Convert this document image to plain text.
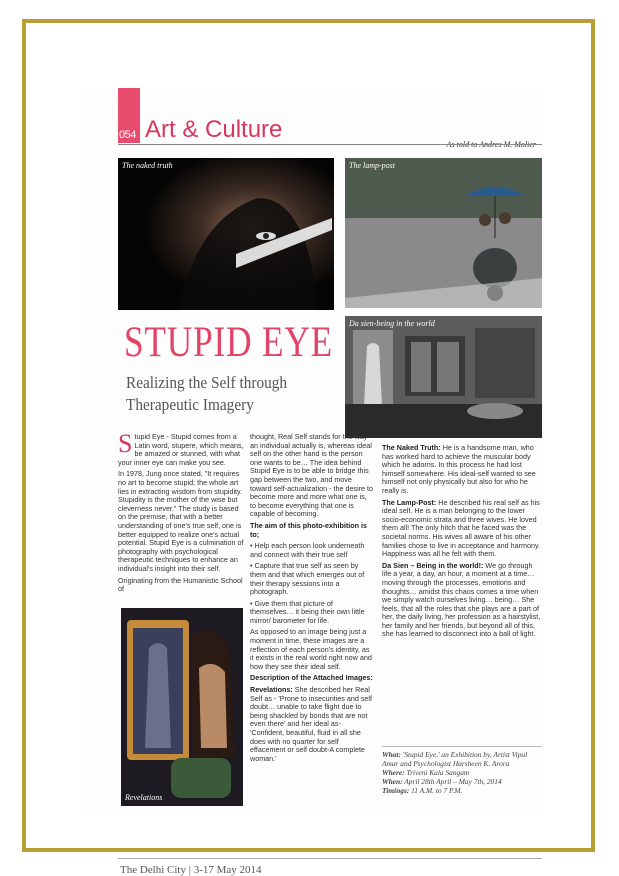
054 Art & Culture
As told to Andres M. Molier
The naked truth	The lamp-post
Da sien-being in the world
STUPID EYE
Realizing the Self through
Therapeutic Imagery

Stupid Eye - Stupid comes from a Latin word, stupere, which means, be amazed or stunned, with what your inner eye can make you see.

In 1978, Jung once stated, "It requires no art to become stupid; the whole art lies in extracting wisdom from stupidity. Stupidity is the mother of the wise but cleverness never." The study is based on the premise, that with a better understanding of one's true self, one is better equipped to realize one's actual potential. Stupid Eye is a culmination of photography with psychological therapeutic techniques to enhance an individual's insight into their self.

Originating from the Humanistic School of

Revelations

thought, Real Self stands for the way an individual actually is, whereas ideal self on the other hand is the person one wants to be… The idea behind Stupid Eye is to be able to bridge this gap between the two, and move toward self-actualization - the desire to become more and more what one is, to become everything that one is capable of becoming.

The aim of this photo-exhibition is to;

• Help each person look underneath and connect with their true self

• Capture that true self as seen by them and that which emerges out of their therapy sessions into a photograph.

• Give them that picture of themselves… it being their own little mirror/ barometer for life.

As opposed to an image being just a moment in time, these images are a reflection of each person's identity, as it exists in the real world right now and how they see their ideal self.

Description of the Attached Images:

Revelations: She described her Real Self as - 'Prone to insecurities and self doubt… unable to take flight due to being shackled by bonds that are not even there' and her ideal as- 'Confident, beautiful, fluid in all she does with no quarter for self effacement or self doubt-A complete woman.'

The Naked Truth: He is a handsome man, who has worked hard to achieve the muscular body which he adorns. In this process he had lost himself somewhere. His ideal-self wanted to see himself not only physically but also for who he really is.

The Lamp-Post: He described his real self as his ideal self. He is a man belonging to the lower socio-economic strata and three wives. He loved them all! The only hitch that he faced was the societal norms. His wives all aware of his other families chose to live in acceptance and harmony. Happiness was all he felt with them.

Da Sien – Being in the world!: We go through life a year, a day, an hour, a moment at a time… moving through the processes, emotions and thoughts… amidst this chaos comes a time when we simply watch ourselves living… being… She feels, that all the roles that she plays are a part of her, the daily living, her profession as a hairstylist, her family and her friends, but beyond all of this, she has learned to disconnect into a ball of light.

What: 'Stupid Eye,' an Exhibition by, Artist Vipul Amar and Psychologist Harsheen K. Arora
Where: Triveni Kala Sangam
When: April 28th April – May 7th, 2014
Timings: 11 A.M. to 7 P.M.
The Delhi City | 3-17 May 2014
